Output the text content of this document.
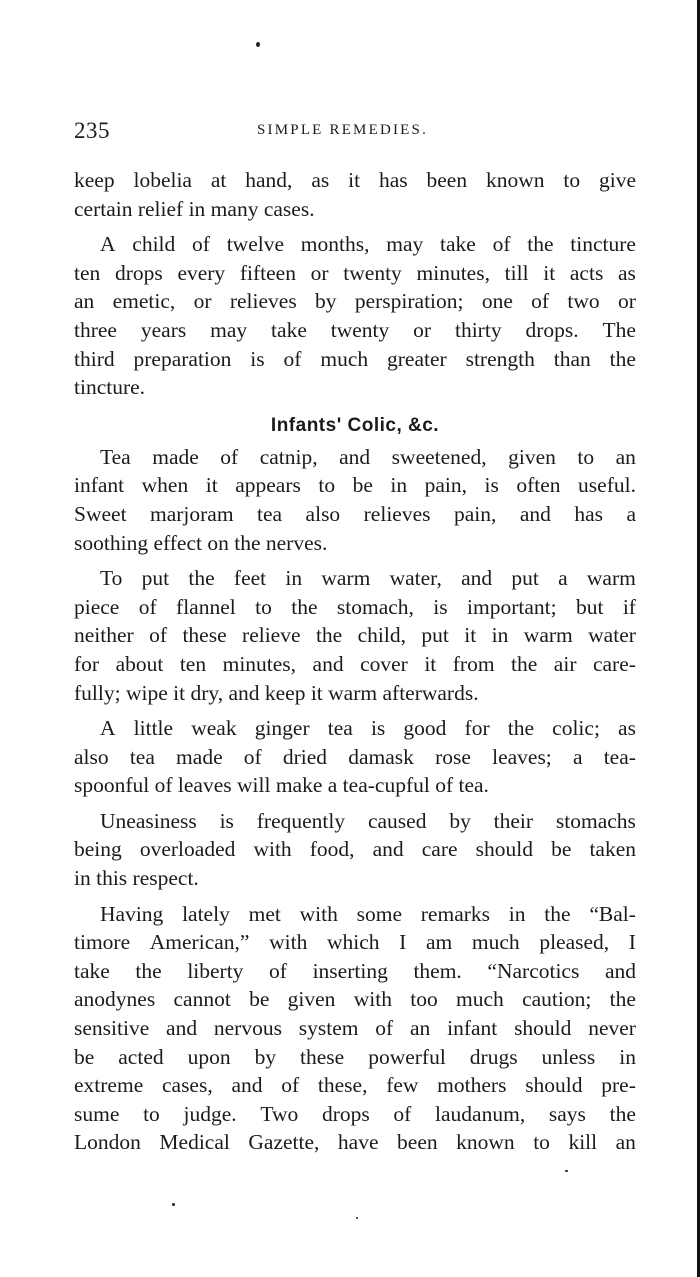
235	SIMPLE REMEDIES.
keep lobelia at hand, as it has been known to give
certain relief in many cases.
A child of twelve months, may take of the tincture
ten drops every fifteen or twenty minutes, till it acts as
an emetic, or relieves by perspiration; one of two or
three years may take twenty or thirty drops. The
third preparation is of much greater strength than the
tincture.
Infants' Colic, &c.
Tea made of catnip, and sweetened, given to an
infant when it appears to be in pain, is often useful.
Sweet marjoram tea also relieves pain, and has a
soothing effect on the nerves.
To put the feet in warm water, and put a warm
piece of flannel to the stomach, is important; but if
neither of these relieve the child, put it in warm water
for about ten minutes, and cover it from the air care-
fully; wipe it dry, and keep it warm afterwards.
A little weak ginger tea is good for the colic; as
also tea made of dried damask rose leaves; a tea-
spoonful of leaves will make a tea-cupful of tea.
Uneasiness is frequently caused by their stomachs
being overloaded with food, and care should be taken
in this respect.
Having lately met with some remarks in the “Bal-
timore American,” with which I am much pleased, I
take the liberty of inserting them. “Narcotics and
anodynes cannot be given with too much caution; the
sensitive and nervous system of an infant should never
be acted upon by these powerful drugs unless in
extreme cases, and of these, few mothers should pre-
sume to judge. Two drops of laudanum, says the
London Medical Gazette, have been known to kill an
